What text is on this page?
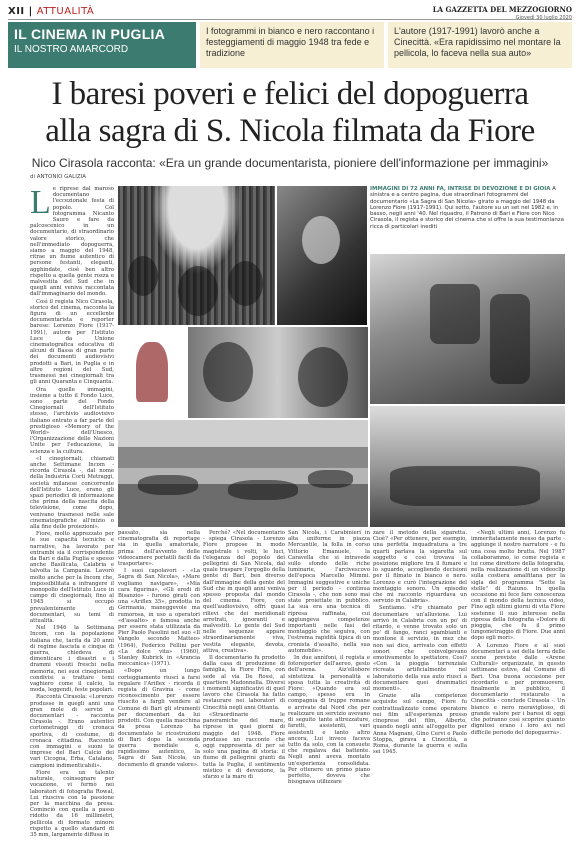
XII | ATTUALITÀ	LA GAZZETTA DEL MEZZOGIORNO
Giovedì 30 luglio 2020
IL CINEMA IN PUGLIA
IL NOSTRO AMARCORD
I fotogrammi in bianco e nero raccontano i festeggiamenti di maggio 1948 tra fede e tradizione
L'autore (1917-1991) lavorò anche a Cinecittà. «Era rapidissimo nel montare la pellicola, lo faceva nella sua auto»
I baresi poveri e felici del dopoguerra
alla sagra di S. Nicola filmata da Fiore
Nico Cirasola racconta: «Era un grande documentarista, pioniere dell'informazione per immagini»
di ANTONIO GALIZIA
L e riprese dal maroso documentano l'eccezionale festa di popolo. Col fotogramma Nicanto Sauro e fare da palcoscenico in un documentario, di straordinario valore storico, che nell'immediato dopoguerra, siamo a maggio del 1948, ritrae un fiume autentico di persone festanti, eleganti, agghindate, cioè ben altro rispetto a quella gente rozza e malvestita del Sud che in quegli anni veniva raccontata dall'immaginario del mondo.

Così il regista Nico Cirasola, storico del cinema, racconta la figura di un eccellente documentarista e reporter barese: Lorenzo Fiore (1917-1991), autore per l'Istituto Luce da Unione cinematografica educativa di alcuni di Bassa di gran parte dei documenti audiovisivi prodotti a Bari, in Puglia e in altre regioni del Sud, trasmessi nei cinegiornali tra gli anni Quaranta e Cinquanta.

Ora quelle immagini, insieme a tutto il Fondo Luce, sono parte del Fondo Cinegiornali dell'Istituto stesso, l'archivio audiovisivo italiano entrato a far parte del prestigioso «Memory of the World» dell'Unesco, l'Organizzazione delle Nazioni Unite per l'educazione, la scienza e la cultura.

«I cinegiornali, chiamati anche Settimane Incom - ricorda Cirasola -, dal nome della Industria Corti Metraggi, società milanese concorrente dell'Istituto Luce, erano gli spazi periodici di informazione che prima della nascita della televisione, come dopo, venivano trasmessi nelle sale cinematografiche all'inizio o alla fine delle proiezioni».

Fiore, molto apprezzato per le sue capacità tecniche e narrative, ha lavorato per entrambi sia il corrispondente da Bari e dalla Puglia e spesso anche Basilicata, Calabria e talvolta la Campania. Lavorò molto anche per la Incom che, impossibilitata a infrangere il monopolio dell'Istituto Luce in campo di cinegiornali, fino al 1945 si occupò prevalentemente di documentari, su temi di attualità.

Nel 1946 la Settimana Incom, con la popolazione italiana che, tacita da 20 anni di regime fascista e cinque di guerra, chiedeva di dimenticare i disastri e i drammi vissuti freschi nella memoria, nei suoi cinegiornali condivisi a trattare temi vaghiero come il calcio, la moda, leggendi, feste popolari.

Raccontà Cirasola: «Lorenzo produsse in quegli anni una gran mole di servizi e documentari - racconta Cirasola -. Erano autentici cortometraggi di cronaca sportiva, di costume, di cronaca cittadina. Raccontò con immagini e suoni le imprese del Bari Calcio dei vari Cicogna, Erba, Catalano, campioni indimenticabili».

Fiore era un talento naturale, coinsegnare per vocazione, vi fermò nei laboratori di fotografia Rowal, Lui riusciva con la passione per la macchina da presa. Cominciò con quella a passo ridotto da 16 millimetri, pellicola di formato minore rispetto a quello standard di 35 mm, largamente diffusa in

IMMAGINI DI 72 ANNI FA, INTRISE DI DEVOZIONE E DI GIOIA A sinistra e a centro pagina, due straordinari fotogrammi del documentario «La Sagra di San Nicola» girato a maggio del 1948 da Lorenzo Fiore (1917-1991). Qui sotto, l'autore su un set nel 1982 e, in basso, negli anni '40. Nel riquadro, il Patrono di Bari e Fiore con Nico Cirasola, il regista e storico del cinema che si offre la sua testimonianza ricca di particolari inediti

passato, sia nella cinematografia di reportage sia in quella amatoriale, prima dell'avvento delle videocamere portatili facili da trasportare».

I suoi capolavori - «La Sagra di San Nicola», «Mare vogliamo navigare», «Mia cara figurina», «Gli eredi di Bisanzio» - furono girati con una «Ariflex 35», prodotta in Germania, maneggevole ma rumorosa, in uso a operatori «d'assalto» e famosa anche per essere stata utilizzata da Pier Paolo Pasolini nel suo «Il Vangelo secondo Matteo» (1964), Federico Fellini per «La dolce vita» (1960), Stanley Kubrick in «Arancia meccanica» (1971).

«Dopo un lungo corteggiamento riuscì a farsi regalare l'Ariflex - ricorda il regista di Gravina - come riconoscimento per essere riuscito a fargli vendere al Comune di Bari gli strumenti per documentari da lui prodotti. Con quella macchina da presa Lorenzo ha documentato le ricostruzioni di Bari dopo la seconda guerra mondiale e, rapidissimo autentico, la Sagra di San Nicola, un documento di grande valore».

Perché? «Nel documentario - spiega Cirasola - Lorenzo Fiore propose in modo magistrale i volti, le luci, l'eleganza del popolo dei pellegrini di San Nicola, dal quale traspare l'orgoglio della gente di Bari, ben diverso dall'immagine della gente del Sud che in quegli anni veniva spesso proposta dal mondo del cinema. Fiore, con quell'audiovisivo, offrì quasi rilievi che dei meridionali arretrati, ignoranti e malvestiti. Lo gente del Sud nelle sequenze appare straordinariamente viva, vestita elegante, devota, attiva, creativa».

Il documentario fu prodotto dalla casa di produzione di famiglia, la Fiore Film, con sede al via De Rossi, al quartiere Madonnella. Diversi i momenti significativi di quel lavoro che Cirasola ha fatto restaurare nei laboratori di Cinecittà negli anni Ottanta.

«Straordinarie le panoramiche del mare, riprese in quei giorni di maggio del 1948. Fiore produsse un racconto che oggi rappresenta di per sé solo una pagina di storia: il fiume di pellegrini giunti da tutta la Puglia, il sentimento mistico e di devozione, la sfarzo e la mare di

San Nicola, i Carabinieri in alta uniforme in piazza Mercantile, la folla in corso Vittorio Emanuele, la Caravella che si intravede sullo sfondo delle riche luminarie, l'arcivescovo dell'epoca Marcello Mimmi. Immagini suggestive e uniche per il periodo - continua Cirasola -, che non sono mai state proiettate in pubblico. La sua era una tecnica di ripresa raffinata, cui aggiungeva competenze importanti nelle fasi del montaggio che seguiva, con l'estrema rapidità tipica di un cronista d'assalto, nella sua automobile».

In due annifoni, il regista e fotoreporter dell'aereo, gesto dell'arena. Aiz'ellobore sintetizza la personalità e sposa tutta la creatività di Fiore: «Quando era sul campo, spesso era in compagnia di truppe romane e arrivate dal Nord che per realizzare un servizio avevano di seguito tante attrezzature, faretti, assistenti, vari assistenti e tanto altro ancora, Lui invece faceva tutto da solo, con la consuete che regalava dai battente. Negli anni aveva montato un'esperienza consolidata. Per ottenere un primo piano perfetto, doveva che bisognava utilizzare

zare il metodo della sigaretta. Cioè? «Per ottenere, per esempio, una perfetta inquadratura a tre quarti parlava la sigaretta sul soggetto e così trovava la posizione migliore tra il fumare e lo sguardo, accogliendo decisioni per il filmato in bianco e nero. Lorenzo e curò l'integrazione del montaggio sonoro. Un episodio che mi racconto riguardava un servizio in Calabria».

Sentiamo. «Fu chiamato per documentare un'alluvione. Lui arrivò in Calabria con un po' di ritardo, e venne trovato solo un po' di fango, ranci sgambianti e montone il servizio, in mez che non sai dice, arrivato con effetti sonori che coinvolgevano emotivamente lo spettatore. Così? «Con la pioggia torrenziale ricreata artificialmente nel laboratorio della sua auto riuscì a documentare quei drammatici momenti».

Grazie alla competenze acquisite sul campo, Fiore fu contrattualizzato come operatore nei film all'esperienza presso cineprese del film, Alberto, quando negli anni all'oggetto per Anna Magnani, Gino Cervi e Paolo Stoppa, girava a Cinecittà, a Roma, durante la guerra e sulla sei 1945.

«Negli ultimi anni, Lorenzo fu immeritatamente messo da parte - aggiunge il nostro narratore - e fu una cosa molto brutta. Nel 1987 collaborammo, io come regista e lui come direttore della fotografia, nella realizzazione di un videoclip sulla costiera amalfitana per la sigla del programma "Sette la stelle" di Raiuno. In quella occasione mi fece fare conoscenza con il mondo della tecnica video, Fino agli ultimi giorni di vita Fiore sostenne il suo interesse nella ripresa della fotografia «Dolore di pioggia, che fu il primo lungometraggio di Fiore. Due anni dopo egli morì».

A Lorenzo Fiore e al suoi documentari a sei della terra delle scene previste dalle «Arene Culturali» organizzate, in questo settimane estive, dal Comune di Bari. Una buona occasione per ricordarlo e per promuovere, finalmente in pubblico, il documentario restaurato a Cinecittà - conclude Cirasola -. Un bianco e nero meraviglioso, di grande valore per i baresi di oggi che potranno così scoprire quanto dignitosi erano i loro avi nel difficile periodo del dopoguerra».
